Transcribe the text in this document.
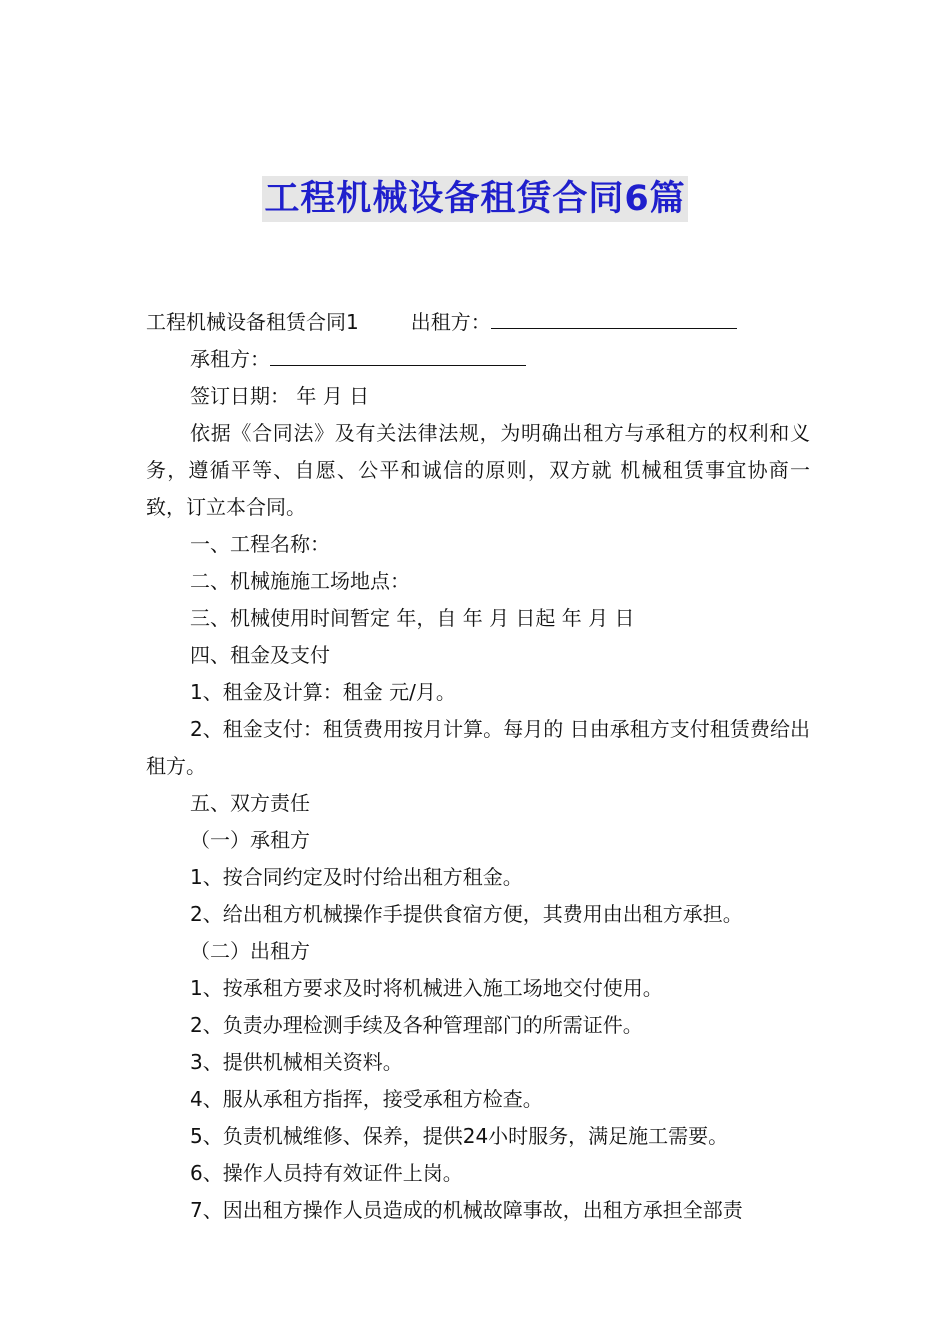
工程机械设备租赁合同6篇

工程机械设备租赁合同1	出租方：

承租方：

签订日期： 年 月 日

依据《合同法》及有关法律法规，为明确出租方与承租方的权利和义务，遵循平等、自愿、公平和诚信的原则，双方就 机械租赁事宜协商一致，订立本合同。

一、工程名称：

二、机械施施工场地点：

三、机械使用时间暂定 年，自 年 月 日起 年 月 日

四、租金及支付

1、租金及计算：租金 元/月。

2、租金支付：租赁费用按月计算。每月的 日由承租方支付租赁费给出租方。

五、双方责任

（一）承租方

1、按合同约定及时付给出租方租金。

2、给出租方机械操作手提供食宿方便，其费用由出租方承担。

（二）出租方

1、按承租方要求及时将机械进入施工场地交付使用。

2、负责办理检测手续及各种管理部门的所需证件。

3、提供机械相关资料。

4、服从承租方指挥，接受承租方检查。

5、负责机械维修、保养，提供24小时服务，满足施工需要。

6、操作人员持有效证件上岗。

7、因出租方操作人员造成的机械故障事故，出租方承担全部责
